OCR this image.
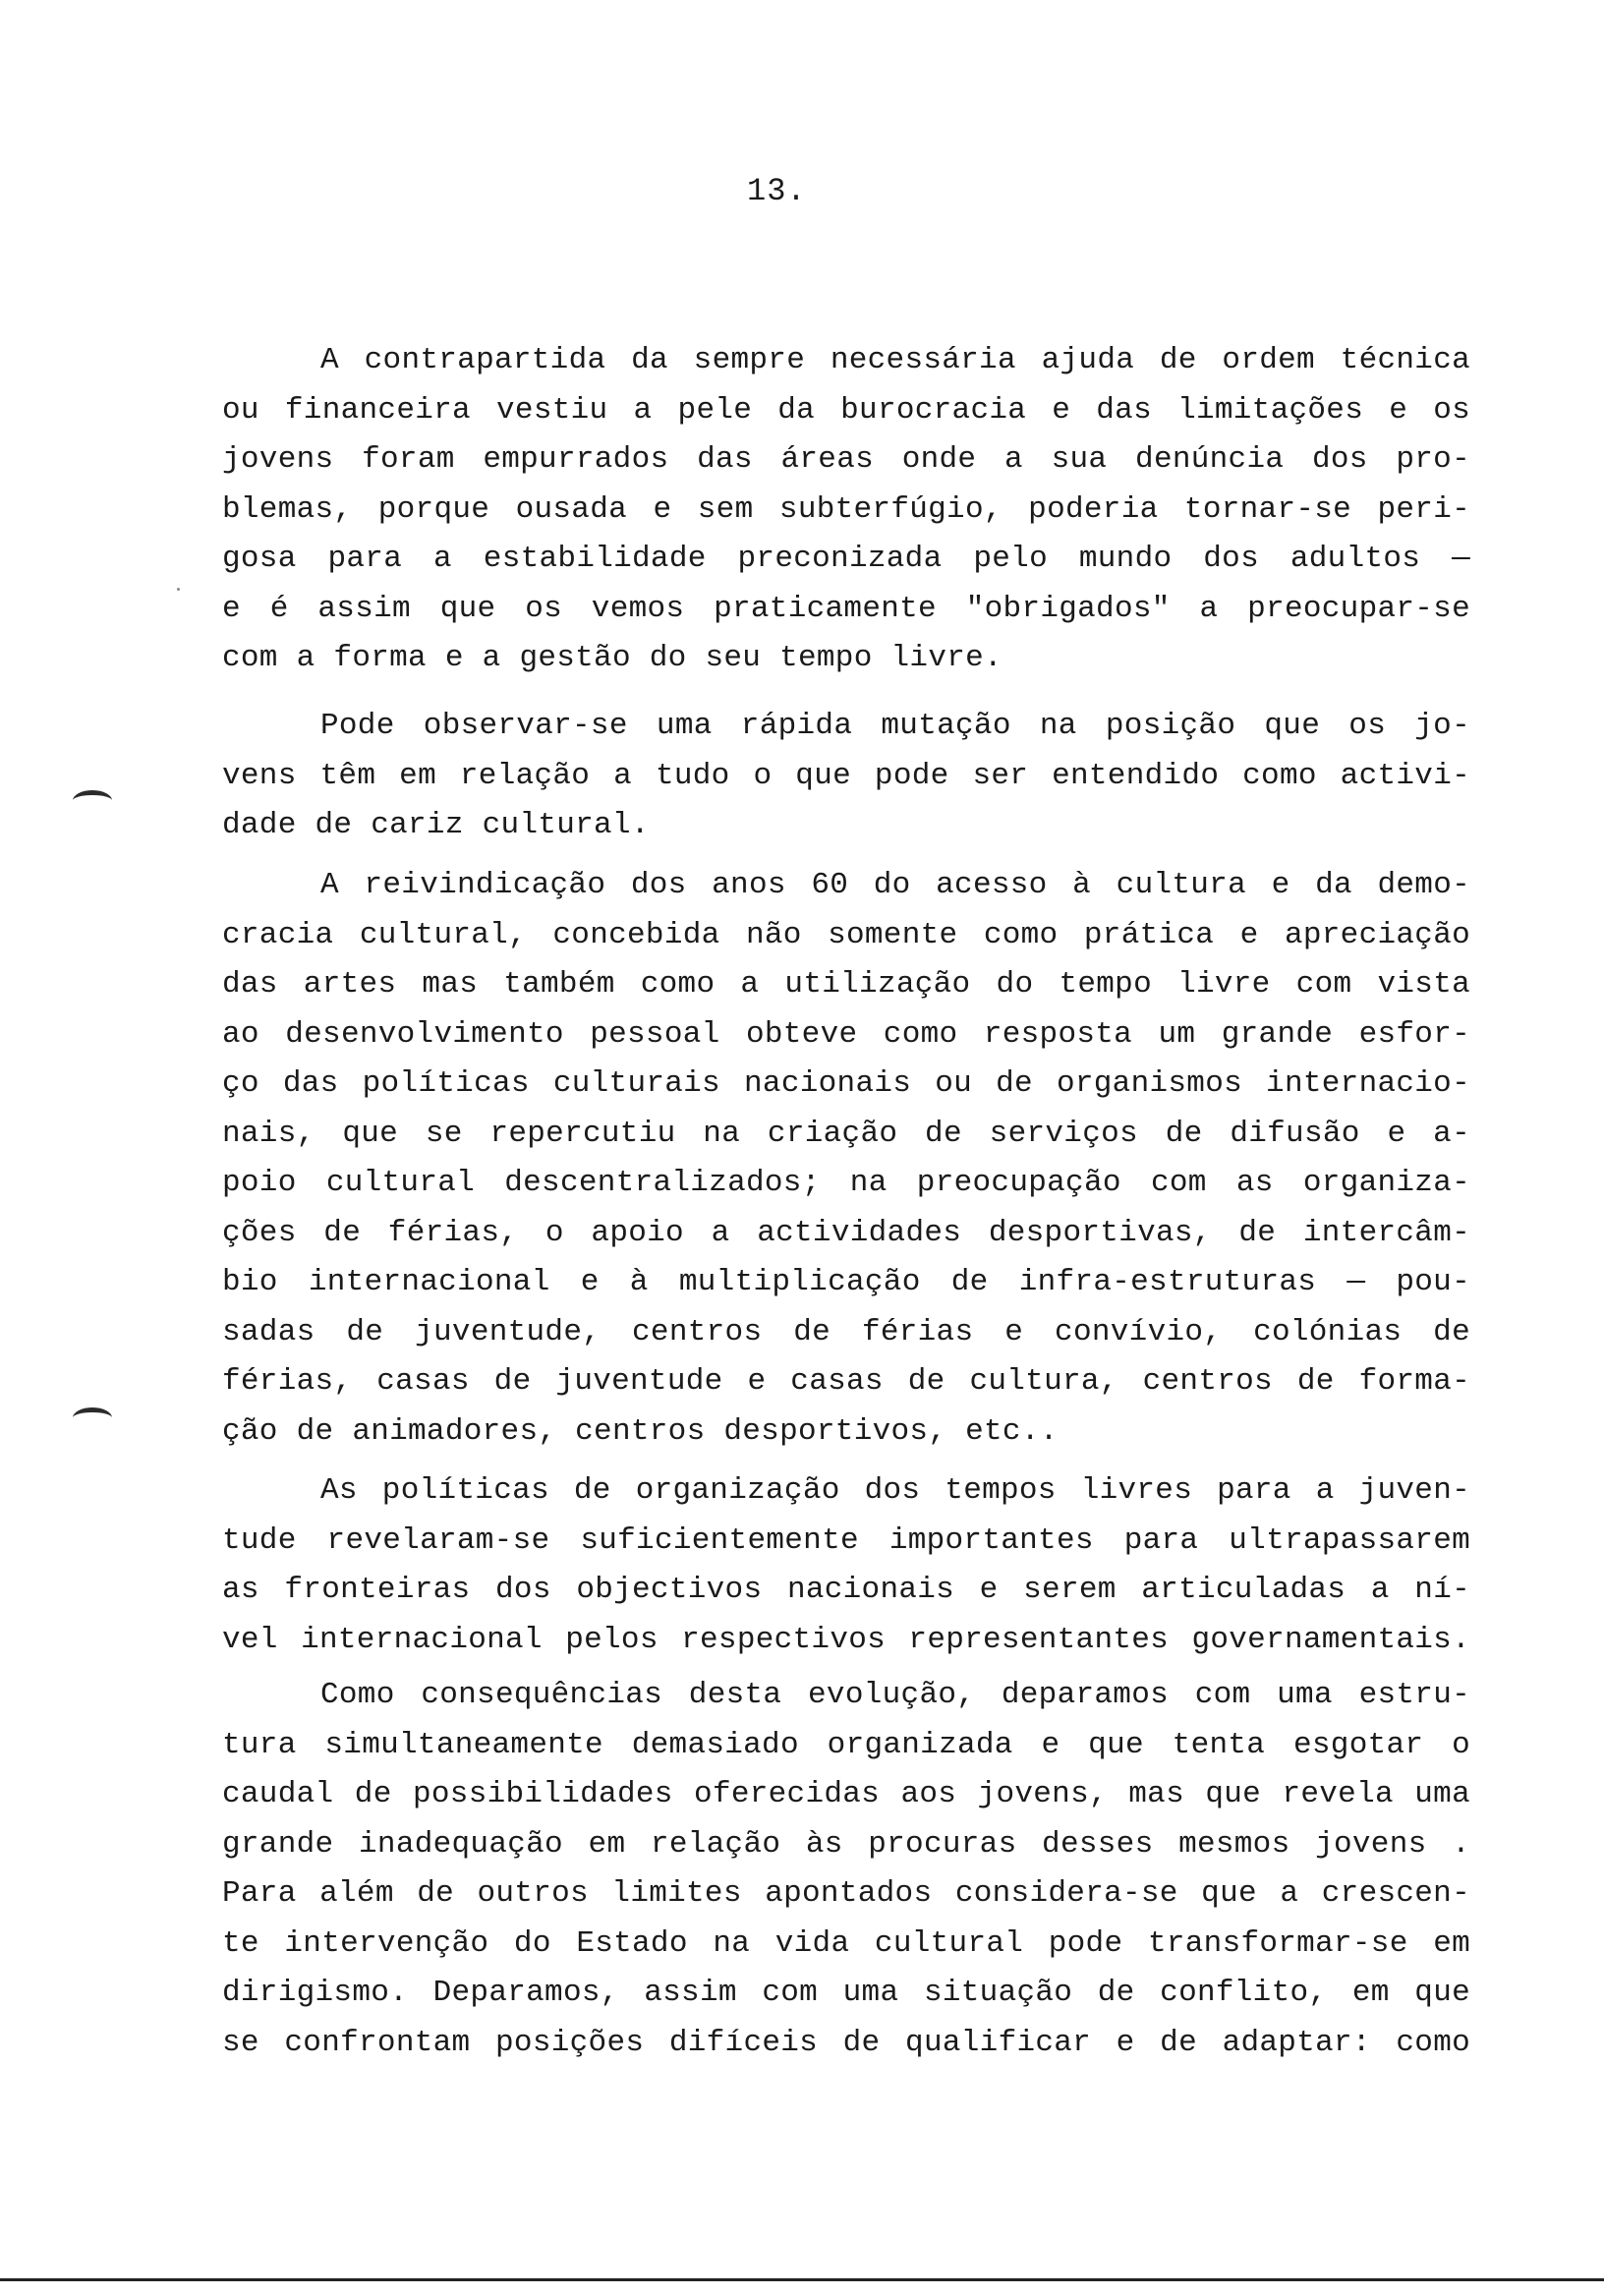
13.
A contrapartida da sempre necessária ajuda de ordem técnica
ou financeira vestiu a pele da burocracia e das limitações e os
jovens foram empurrados das áreas onde a sua denúncia dos pro-
blemas, porque ousada e sem subterfúgio, poderia tornar-se peri-
gosa para a estabilidade preconizada pelo mundo dos adultos —
e é assim que os vemos praticamente "obrigados" a preocupar-se
com a forma e a gestão do seu tempo livre.
Pode observar-se uma rápida mutação na posição que os jo-
vens têm em relação a tudo o que pode ser entendido como activi-
dade de cariz cultural.
A reivindicação dos anos 60 do acesso à cultura e da demo-
cracia cultural, concebida não somente como prática e apreciação
das artes mas também como a utilização do tempo livre com vista
ao desenvolvimento pessoal obteve como resposta um grande esfor-
ço das políticas culturais nacionais ou de organismos internacio-
nais, que se repercutiu na criação de serviços de difusão e a-
poio cultural descentralizados; na preocupação com as organiza-
ções de férias, o apoio a actividades desportivas, de intercâm-
bio internacional e à multiplicação de infra-estruturas — pou-
sadas de juventude, centros de férias e convívio, colónias de
férias, casas de juventude e casas de cultura, centros de forma-
ção de animadores, centros desportivos, etc..
As políticas de organização dos tempos livres para a juven-
tude revelaram-se suficientemente importantes para ultrapassarem
as fronteiras dos objectivos nacionais e serem articuladas a ní-
vel internacional pelos respectivos representantes governamentais.
Como consequências desta evolução, deparamos com uma estru-
tura simultaneamente demasiado organizada e que tenta esgotar o
caudal de possibilidades oferecidas aos jovens, mas que revela uma
grande inadequação em relação às procuras desses mesmos jovens .
Para além de outros limites apontados considera-se que a crescen-
te intervenção do Estado na vida cultural pode transformar-se em
dirigismo. Deparamos, assim com uma situação de conflito, em que
se confrontam posições difíceis de qualificar e de adaptar: como
